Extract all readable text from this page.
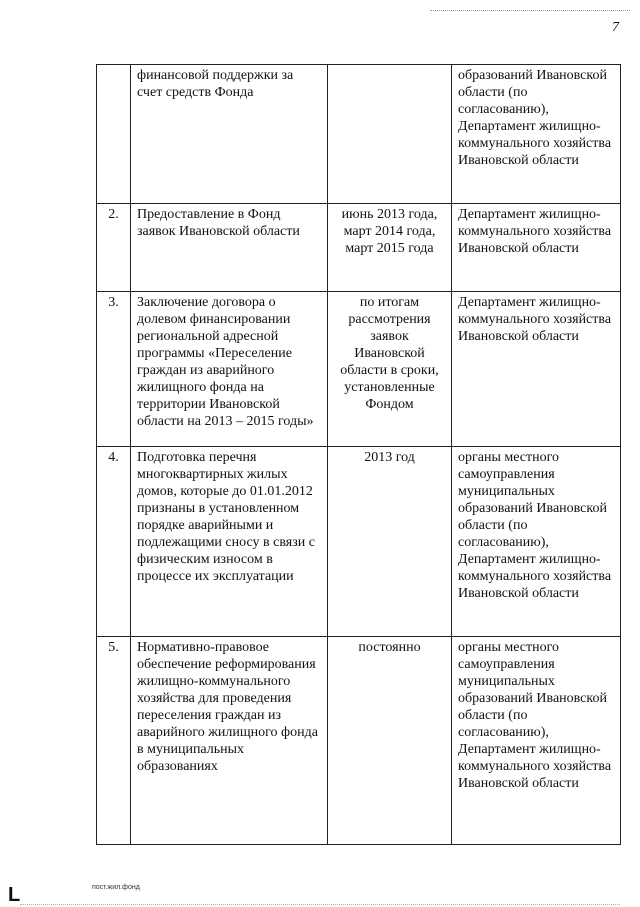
7
	финансовой поддержки за счет средств Фонда		образований Ивановской области (по согласованию), Департамент жилищно-коммунального хозяйства Ивановской области
2.	Предоставление в Фонд заявок Ивановской области	июнь 2013 года, март 2014 года, март 2015 года	Департамент жилищно-коммунального хозяйства Ивановской области
3.	Заключение договора о долевом финансировании региональной адресной программы «Переселение граждан из аварийного жилищного фонда на территории Ивановской области на 2013 – 2015 годы»	по итогам рассмотрения заявок Ивановской области в сроки, установленные Фондом	Департамент жилищно-коммунального хозяйства Ивановской области
4.	Подготовка перечня многоквартирных жилых домов, которые до 01.01.2012 признаны в установленном порядке аварийными и подлежащими сносу в связи с физическим износом в процессе их эксплуатации	2013 год	органы местного самоуправления муниципальных образований Ивановской области (по согласованию), Департамент жилищно-коммунального хозяйства Ивановской области
5.	Нормативно-правовое обеспечение реформирования жилищно-коммунального хозяйства для проведения переселения граждан из аварийного жилищного фонда в муниципальных образованиях	постоянно	органы местного самоуправления муниципальных образований Ивановской области (по согласованию), Департамент жилищно-коммунального хозяйства Ивановской области
L	пост.жил.фонд
